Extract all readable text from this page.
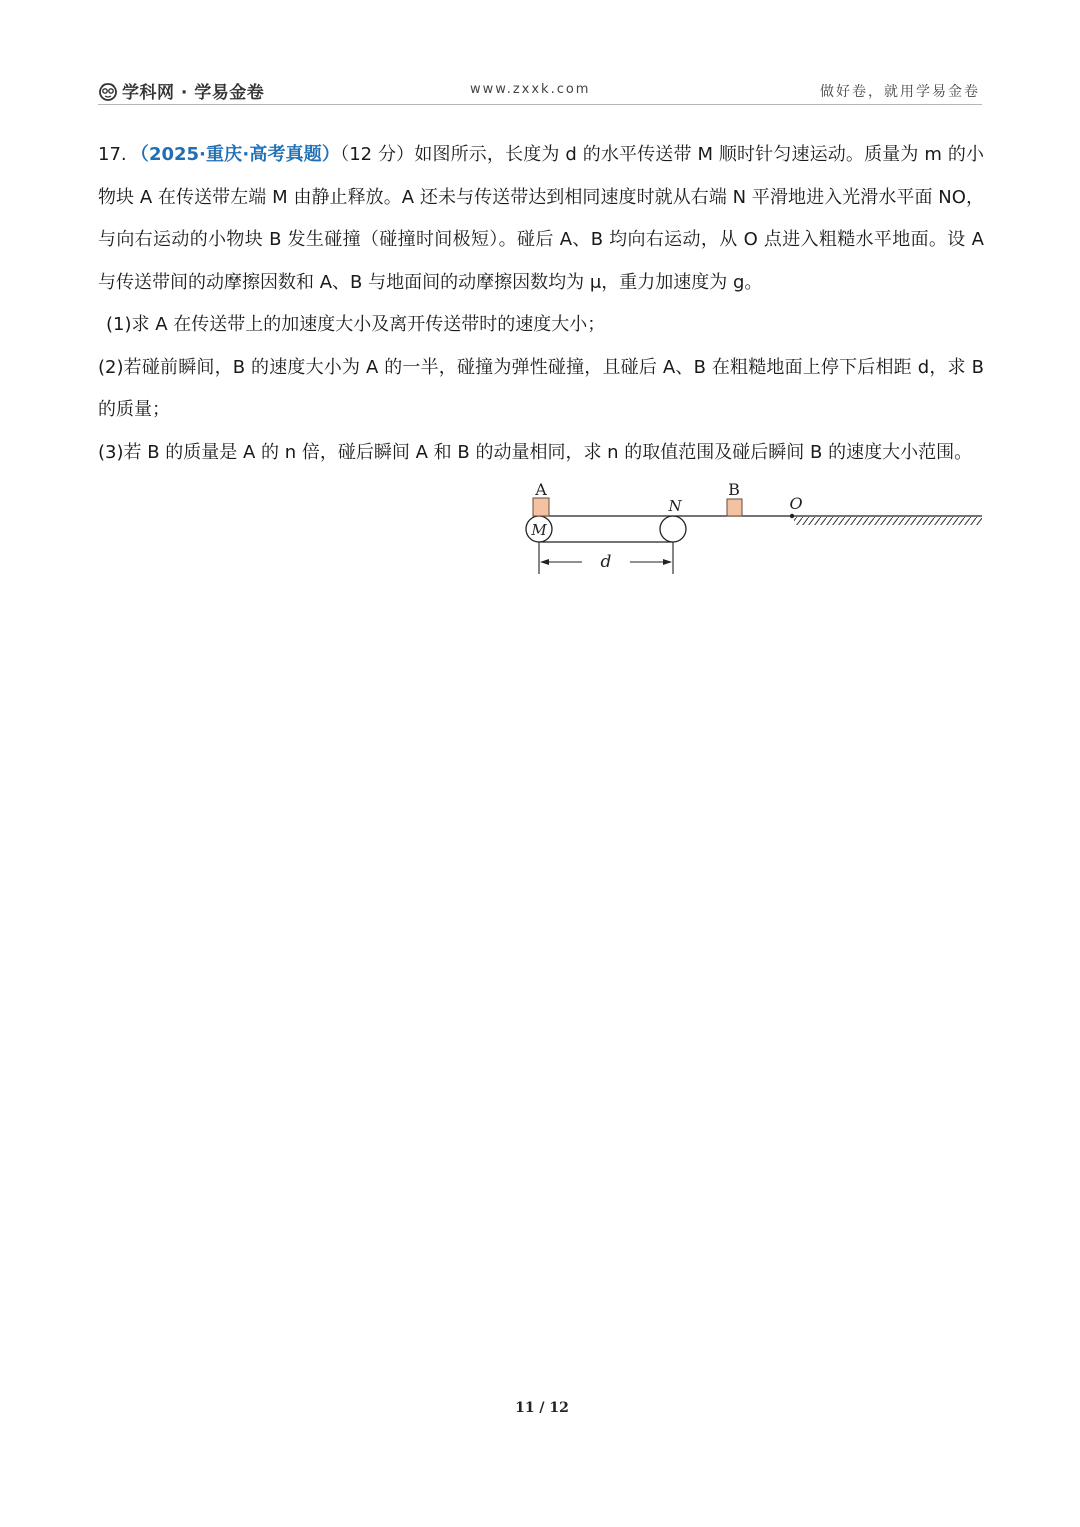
学科网 · 学易金卷	www.zxxk.com	做好卷，就用学易金卷

17. （2025·重庆·高考真题）（12 分）如图所示，长度为 d 的水平传送带 M 顺时针匀速运动。质量为 m 的小物块 A 在传送带左端 M 由静止释放。A 还未与传送带达到相同速度时就从右端 N 平滑地进入光滑水平面 NO，与向右运动的小物块 B 发生碰撞（碰撞时间极短）。碰后 A、B 均向右运动，从 O 点进入粗糙水平地面。设 A 与传送带间的动摩擦因数和 A、B 与地面间的动摩擦因数均为 μ，重力加速度为 g。

(1)求 A 在传送带上的加速度大小及离开传送带时的速度大小；

(2)若碰前瞬间，B 的速度大小为 A 的一半，碰撞为弹性碰撞，且碰后 A、B 在粗糙地面上停下后相距 d，求 B 的质量；

(3)若 B 的质量是 A 的 n 倍，碰后瞬间 A 和 B 的动量相同，求 n 的取值范围及碰后瞬间 B 的速度大小范围。

A	B
M
N	O
d
11 / 12
